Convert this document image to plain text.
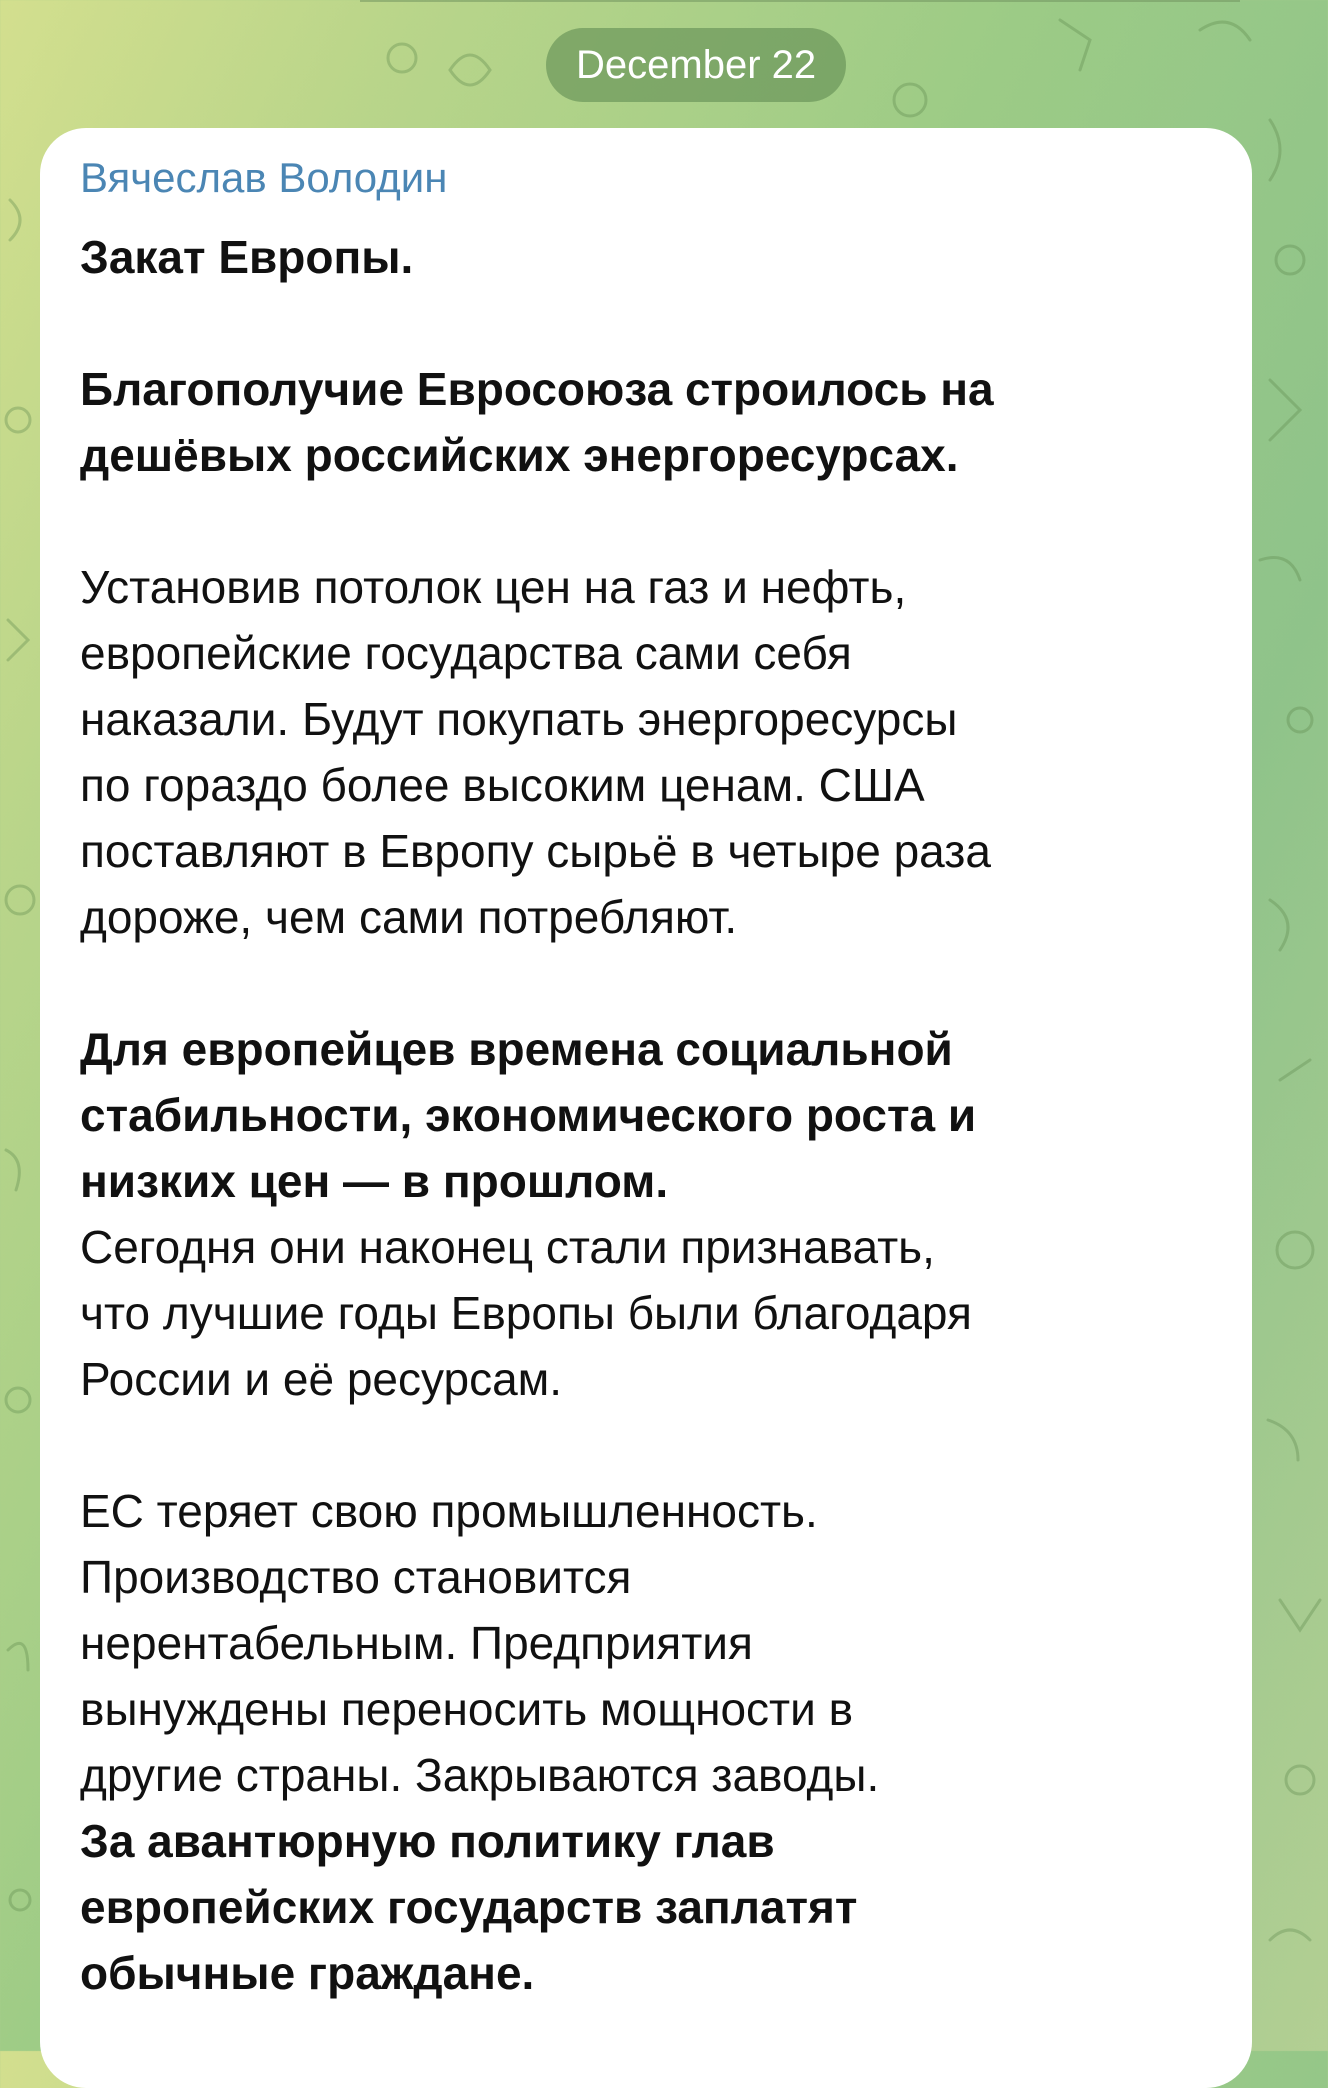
December 22
Вячеслав Володин

Закат Европы.

Благополучие Евросоюза строилось на

дешёвых российских энергоресурсах.

Установив потолок цен на газ и нефть,

европейские государства сами себя

наказали. Будут покупать энергоресурсы

по гораздо более высоким ценам. США

поставляют в Европу сырьё в четыре раза

дороже, чем сами потребляют.

Для европейцев времена социальной

стабильности, экономического роста и

низких цен — в прошлом.

Сегодня они наконец стали признавать,

что лучшие годы Европы были благодаря

России и её ресурсам.

ЕС теряет свою промышленность.

Производство становится

нерентабельным. Предприятия

вынуждены переносить мощности в

другие страны. Закрываются заводы.

За авантюрную политику глав

европейских государств заплатят

обычные граждане.
